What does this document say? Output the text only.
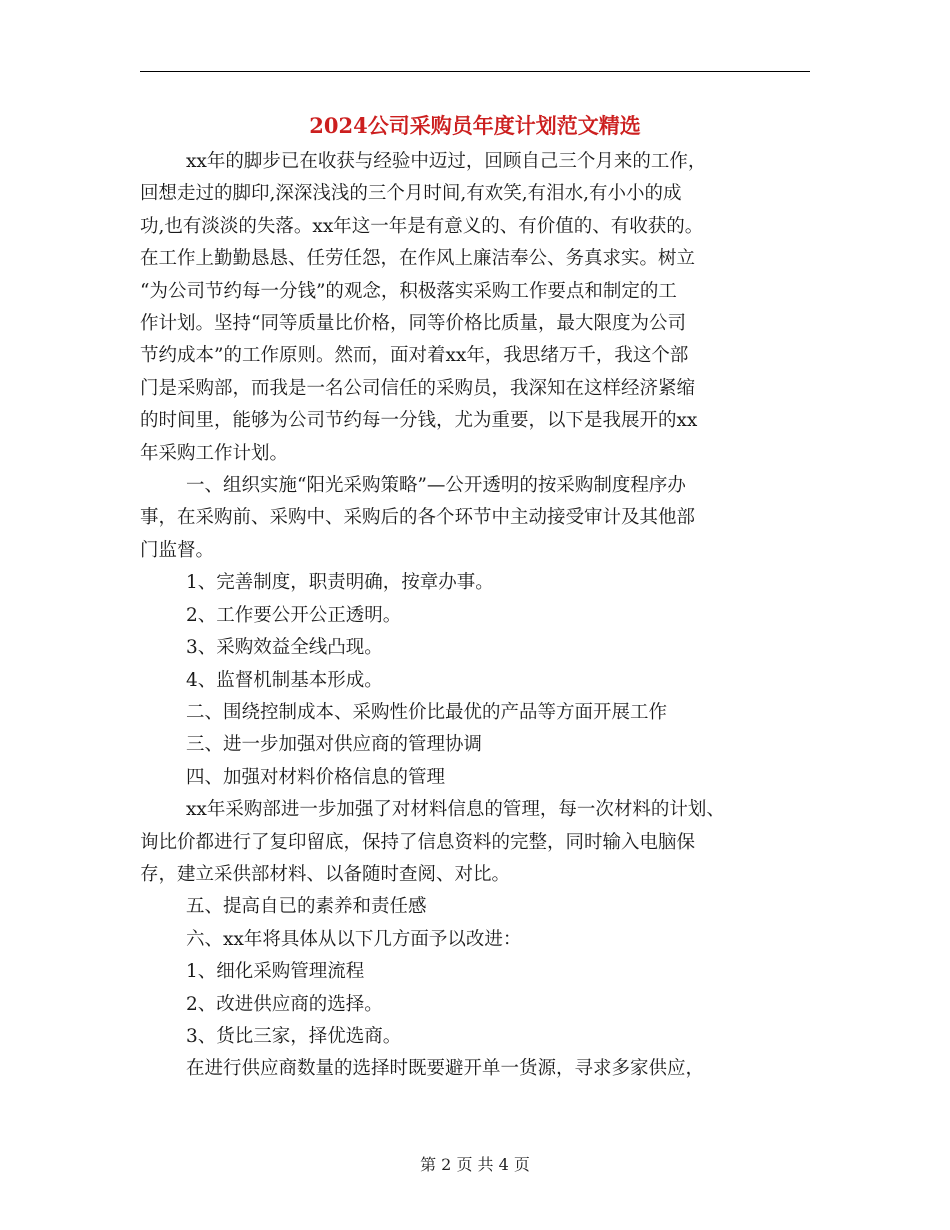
2024公司采购员年度计划范文精选

xx年的脚步已在收获与经验中迈过，回顾自己三个月来的工作，

回想走过的脚印,深深浅浅的三个月时间,有欢笑,有泪水,有小小的成

功,也有淡淡的失落。xx年这一年是有意义的、有价值的、有收获的。

在工作上勤勤恳恳、任劳任怨，在作风上廉洁奉公、务真求实。树立

“为公司节约每一分钱”的观念，积极落实采购工作要点和制定的工

作计划。坚持“同等质量比价格，同等价格比质量，最大限度为公司

节约成本”的工作原则。然而，面对着xx年，我思绪万千，我这个部

门是采购部，而我是一名公司信任的采购员，我深知在这样经济紧缩

的时间里，能够为公司节约每一分钱，尤为重要，以下是我展开的xx

年采购工作计划。

一、组织实施“阳光采购策略”—公开透明的按采购制度程序办

事，在采购前、采购中、采购后的各个环节中主动接受审计及其他部

门监督。

1、完善制度，职责明确，按章办事。

2、工作要公开公正透明。

3、采购效益全线凸现。

4、监督机制基本形成。

二、围绕控制成本、采购性价比最优的产品等方面开展工作

三、进一步加强对供应商的管理协调

四、加强对材料价格信息的管理

xx年采购部进一步加强了对材料信息的管理，每一次材料的计划、

询比价都进行了复印留底，保持了信息资料的完整，同时输入电脑保

存，建立采供部材料、以备随时查阅、对比。

五、提高自已的素养和责任感

六、xx年将具体从以下几方面予以改进：

1、细化采购管理流程

2、改进供应商的选择。

3、货比三家，择优选商。

在进行供应商数量的选择时既要避开单一货源，寻求多家供应，

第 2 页 共 4 页
